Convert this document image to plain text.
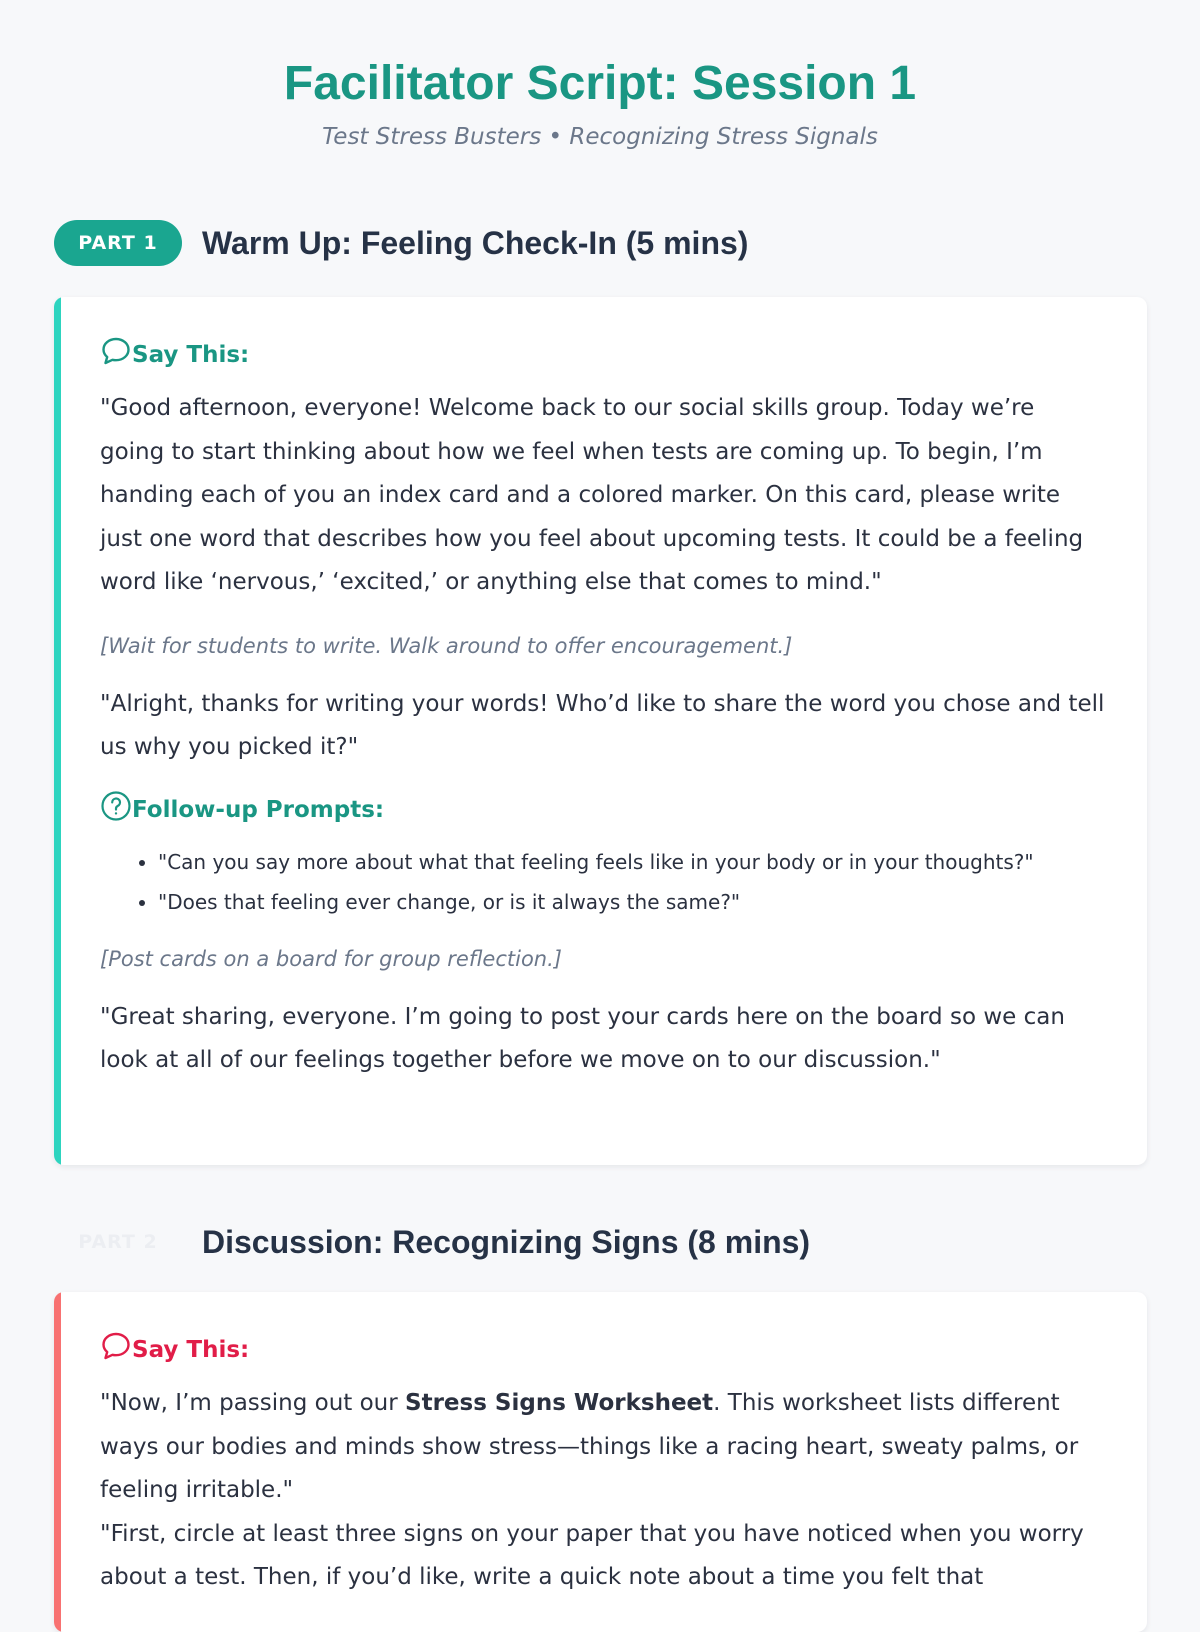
Facilitator Script: Session 1
Test Stress Busters • Recognizing Stress Signals
PART 1	Warm Up: Feeling Check-In (5 mins)
Say This:

"Good afternoon, everyone! Welcome back to our social skills group. Today we’re going to start thinking about how we feel when tests are coming up. To begin, I’m handing each of you an index card and a colored marker. On this card, please write just one word that describes how you feel about upcoming tests. It could be a feeling word like ‘nervous,’ ‘excited,’ or anything else that comes to mind."

[Wait for students to write. Walk around to offer encouragement.]

"Alright, thanks for writing your words! Who’d like to share the word you chose and tell us why you picked it?"

Follow-up Prompts:
• "Can you say more about what that feeling feels like in your body or in your thoughts?"
• "Does that feeling ever change, or is it always the same?"
[Post cards on a board for group reflection.]

"Great sharing, everyone. I’m going to post your cards here on the board so we can look at all of our feelings together before we move on to our discussion."

PART 2	Discussion: Recognizing Signs (8 mins)
Say This:

"Now, I’m passing out our Stress Signs Worksheet. This worksheet lists different ways our bodies and minds show stress—things like a racing heart, sweaty palms, or feeling irritable."

"First, circle at least three signs on your paper that you have noticed when you worry about a test. Then, if you’d like, write a quick note about a time you felt that
